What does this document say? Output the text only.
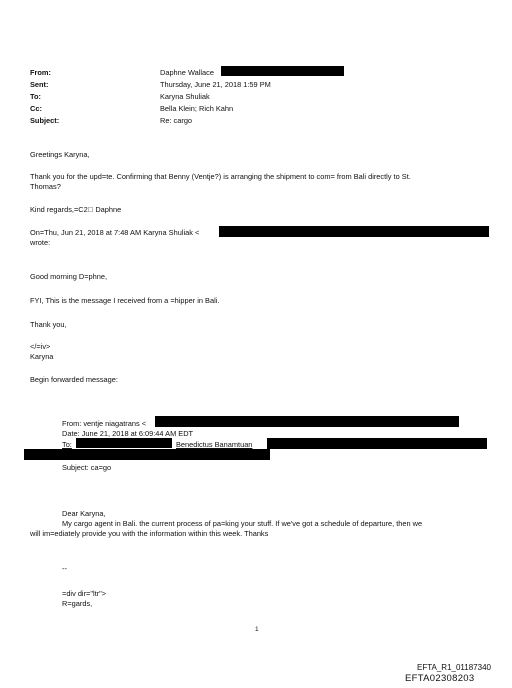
From:
Sent:
To:
Cc:
Subject:
Daphne Wallace
Thursday, June 21, 2018 1:59 PM
Karyna Shuliak
Bella Klein; Rich Kahn
Re: cargo
Greetings Karyna,
Thank you for the upd=te. Confirming that Benny (Ventje?) is arranging the shipment to com= from Bali directly to St.
Thomas?
Kind regards,=C2  Daphne
On=Thu, Jun 21, 2018 at 7:48 AM Karyna Shuliak <
wrote:
Good morning D=phne,
FYI, This is the message I received from a =hipper in Bali.
Thank you,
</=iv>
Karyna
Begin forwarded message:
From: ventje niagatrans <
Date: June 21, 2018 at 6:09:44 AM EDT
To:	Benedictus Banamtuan
Subject: ca=go
Dear Karyna,
My cargo agent in Bali. the current process of pa=king your stuff. If we've got a schedule of departure, then we
will im=ediately provide you with the information within this week. Thanks
--
=div dir="ltr">
R=gards,
1
EFTA_R1_01187340
EFTA02308203
